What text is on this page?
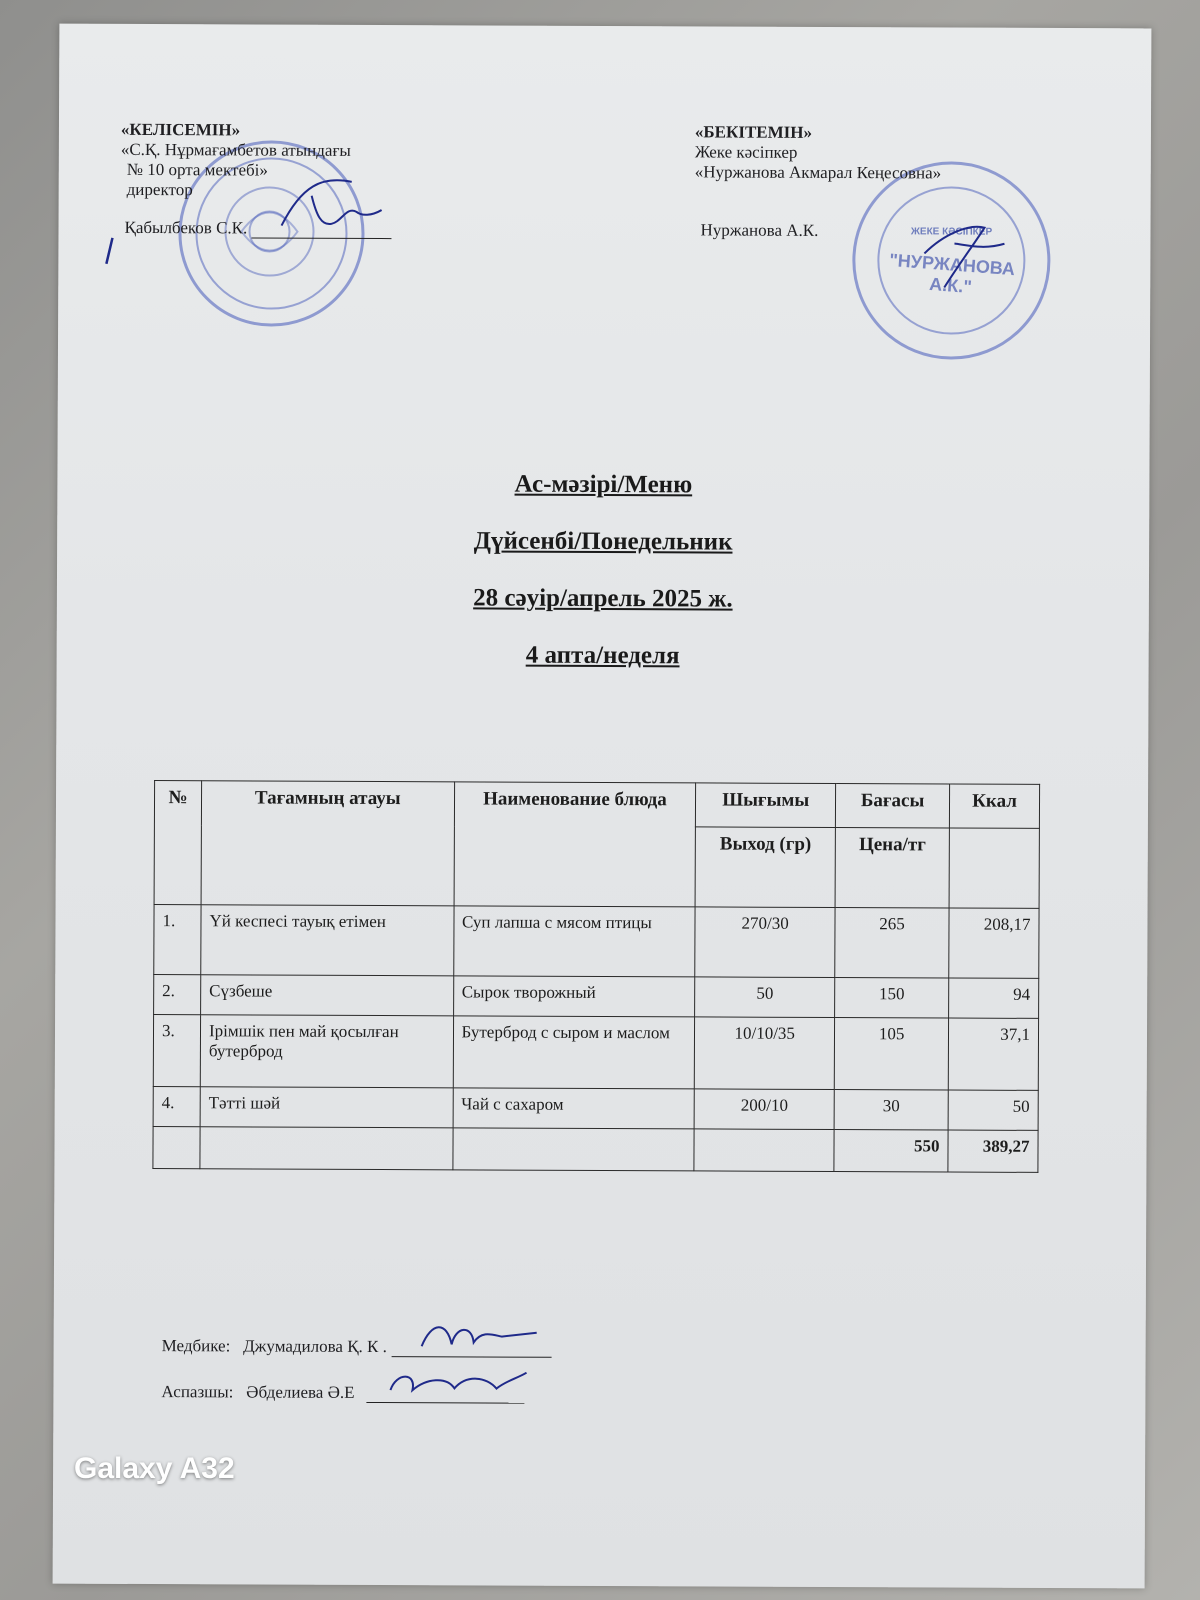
«КЕЛІСЕМІН»
«С.Қ. Нұрмағамбетов атындағы
№ 10 орта мектебі»
директор
Қабылбеков С.К.	ЖЕКЕ КӘСІПКЕР
"НУРЖАНОВА А.К."
«БЕКІТЕМІН»
Жеке кәсіпкер
«Нуржанова Акмарал Кеңесовна»
Нуржанова А.К.
Ас-мәзірі/Меню
Дүйсенбі/Понедельник
28 сәуір/апрель 2025 ж.
4 апта/неделя
№	Тағамның атауы	Наименование блюда	Шығымы	Бағасы	Ккал
			Выход (гр)	Цена/тг	
1.	Үй кеспесі тауық етімен	Суп лапша с мясом птицы	270/30	265	208,17
2.	Сүзбеше	Сырок творожный	50	150	94
3.	Ірімшік пен май қосылған бутерброд	Бутерброд с сыром и маслом	10/10/35	105	37,1
4.	Тәтті шәй	Чай с сахаром	200/10	30	50
				550	389,27
Медбике: Джумадилова Қ. К .
Аспазшы: Әбделиева Ә.Е
Galaxy A32
